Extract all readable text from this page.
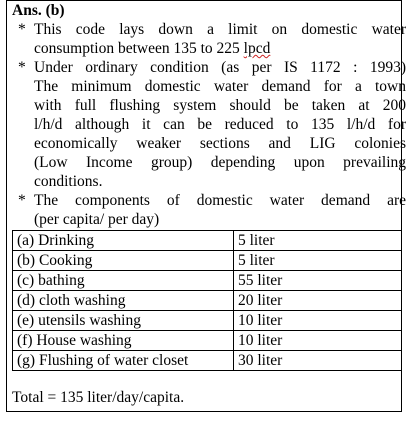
Ans. (b)
* This code lays down a limit on domestic water
consumption between 135 to 225 lpcd
* Under ordinary condition (as per IS 1172 : 1993)
The minimum domestic water demand for a town
with full flushing system should be taken at 200
l/h/d although it can be reduced to 135 l/h/d for
economically weaker sections and LIG colonies
(Low Income group) depending upon prevailing
conditions.
* The components of domestic water demand are
(per capita/ per day)
(a) Drinking	5 liter

(b) Cooking	5 liter

(c) bathing	55 liter

(d) cloth washing	20 liter

(e) utensils washing	10 liter

(f) House washing	10 liter

(g) Flushing of water closet	30 liter
Total = 135 liter/day/capita.
